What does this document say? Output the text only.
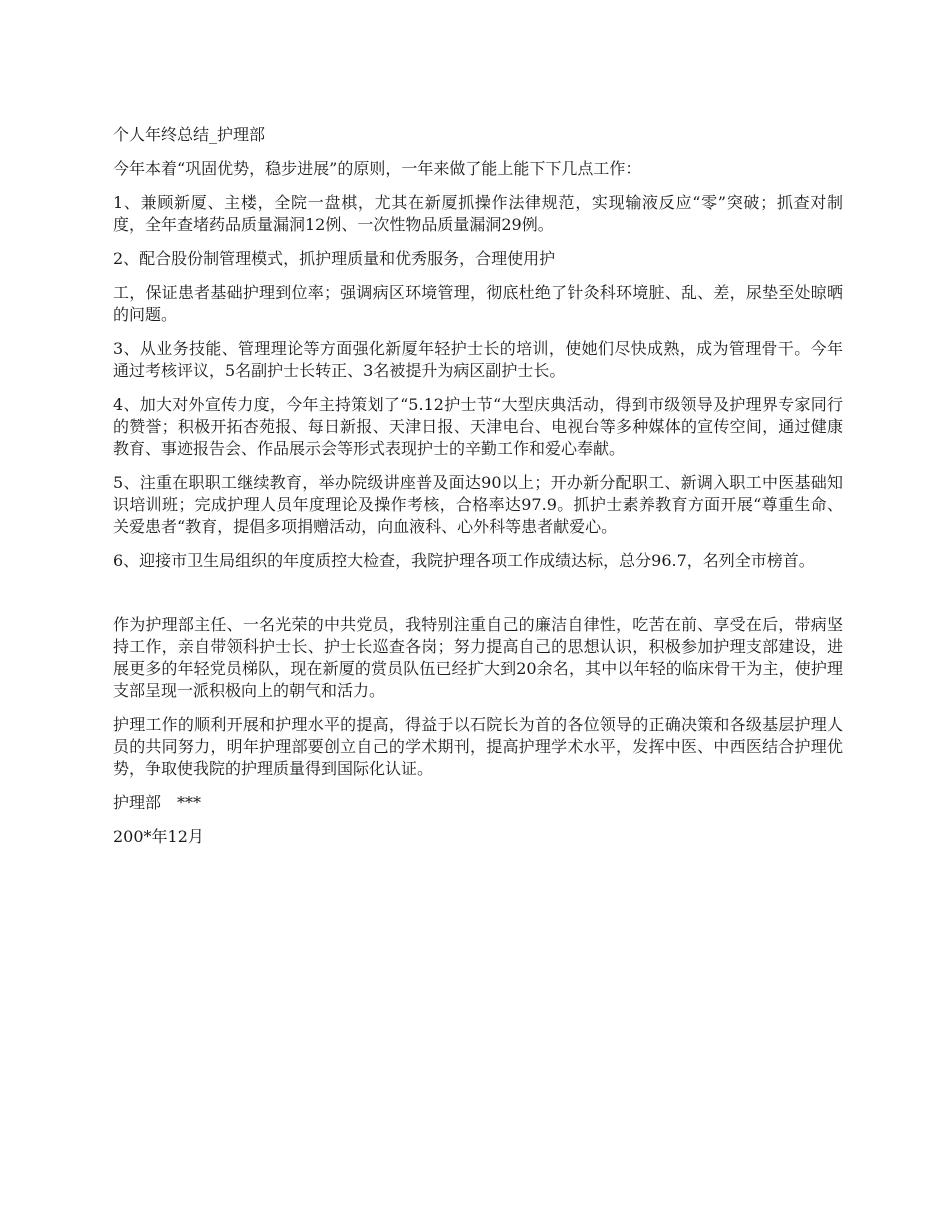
个人年终总结_护理部

今年本着“巩固优势，稳步进展”的原则，一年来做了能上能下下几点工作：

1、兼顾新厦、主楼，全院一盘棋，尤其在新厦抓操作法律规范，实现输液反应“零”突破；抓查对制度，全年查堵药品质量漏洞12例、一次性物品质量漏洞29例。

2、配合股份制管理模式，抓护理质量和优秀服务，合理使用护

工，保证患者基础护理到位率；强调病区环境管理，彻底杜绝了针灸科环境脏、乱、差，尿垫至处晾晒的问题。

3、从业务技能、管理理论等方面强化新厦年轻护士长的培训，使她们尽快成熟，成为管理骨干。今年通过考核评议，5名副护士长转正、3名被提升为病区副护士长。

4、加大对外宣传力度，今年主持策划了“5.12护士节“大型庆典活动，得到市级领导及护理界专家同行的赞誉；积极开拓杏苑报、每日新报、天津日报、天津电台、电视台等多种媒体的宣传空间，通过健康教育、事迹报告会、作品展示会等形式表现护士的辛勤工作和爱心奉献。

5、注重在职职工继续教育，举办院级讲座普及面达90以上；开办新分配职工、新调入职工中医基础知识培训班；完成护理人员年度理论及操作考核，合格率达97.9。抓护士素养教育方面开展“尊重生命、关爱患者“教育，提倡多项捐赠活动，向血液科、心外科等患者献爱心。

6、迎接市卫生局组织的年度质控大检查，我院护理各项工作成绩达标，总分96.7，名列全市榜首。

作为护理部主任、一名光荣的中共党员，我特别注重自己的廉洁自律性，吃苦在前、享受在后，带病坚持工作，亲自带领科护士长、护士长巡查各岗；努力提高自己的思想认识，积极参加护理支部建设，进展更多的年轻党员梯队，现在新厦的赏员队伍已经扩大到20余名，其中以年轻的临床骨干为主，使护理支部呈现一派积极向上的朝气和活力。

护理工作的顺利开展和护理水平的提高，得益于以石院长为首的各位领导的正确决策和各级基层护理人员的共同努力，明年护理部要创立自己的学术期刊，提高护理学术水平，发挥中医、中西医结合护理优势，争取使我院的护理质量得到国际化认证。

护理部　***

200*年12月
